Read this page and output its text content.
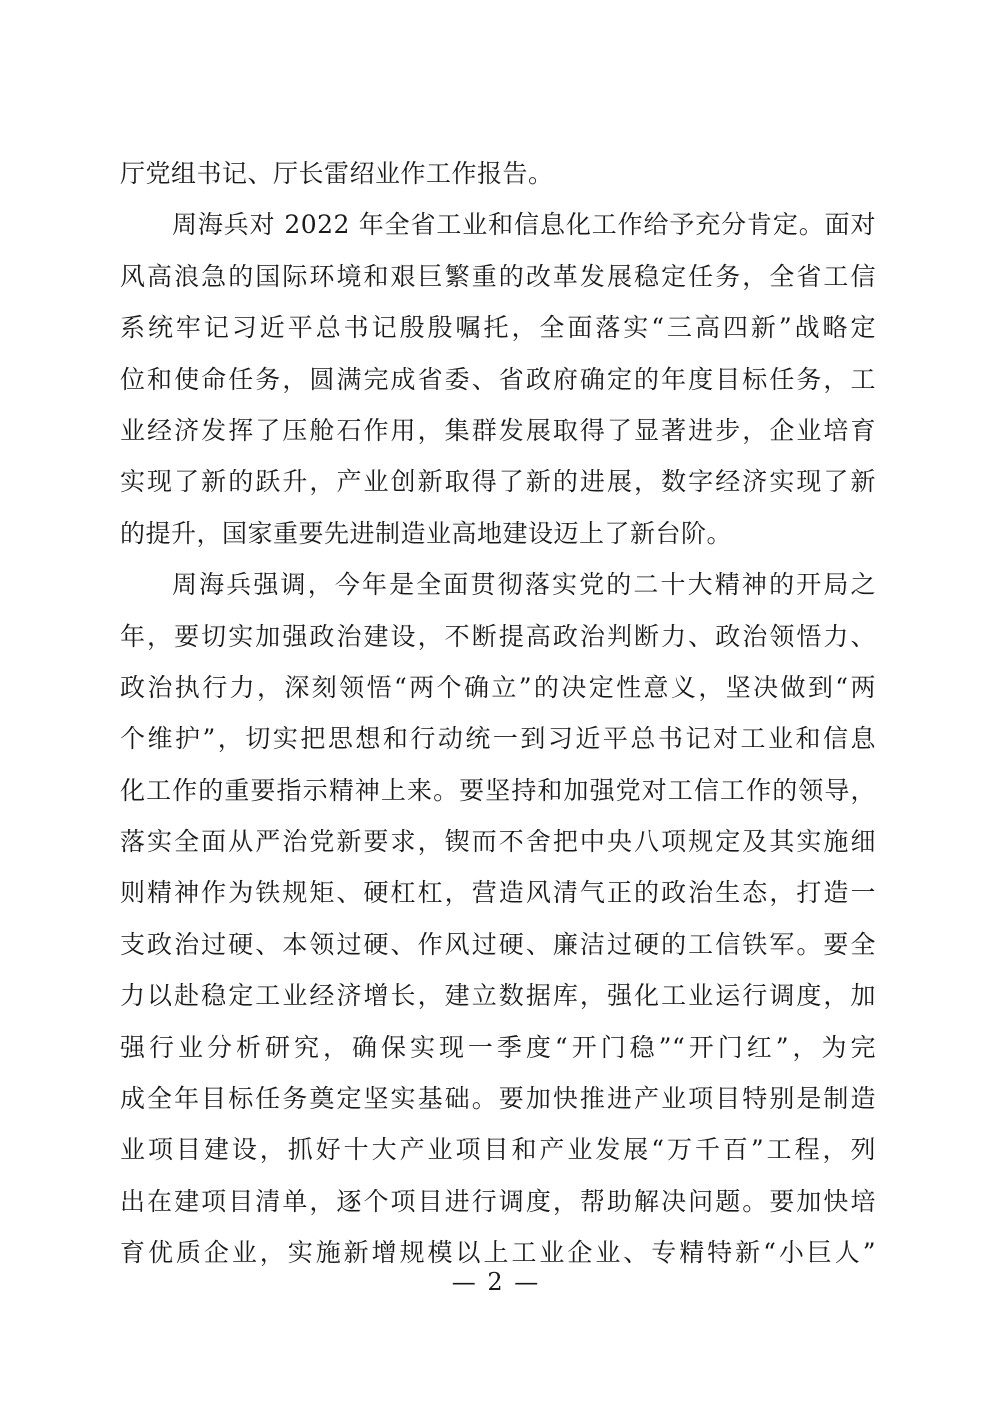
厅党组书记、厅长雷绍业作工作报告。
周海兵对 2022 年全省工业和信息化工作给予充分肯定。面对
风高浪急的国际环境和艰巨繁重的改革发展稳定任务，全省工信
系统牢记习近平总书记殷殷嘱托，全面落实“三高四新”战略定
位和使命任务，圆满完成省委、省政府确定的年度目标任务，工
业经济发挥了压舱石作用，集群发展取得了显著进步，企业培育
实现了新的跃升，产业创新取得了新的进展，数字经济实现了新
的提升，国家重要先进制造业高地建设迈上了新台阶。
周海兵强调，今年是全面贯彻落实党的二十大精神的开局之
年，要切实加强政治建设，不断提高政治判断力、政治领悟力、
政治执行力，深刻领悟“两个确立”的决定性意义，坚决做到“两
个维护”，切实把思想和行动统一到习近平总书记对工业和信息
化工作的重要指示精神上来。要坚持和加强党对工信工作的领导，
落实全面从严治党新要求，锲而不舍把中央八项规定及其实施细
则精神作为铁规矩、硬杠杠，营造风清气正的政治生态，打造一
支政治过硬、本领过硬、作风过硬、廉洁过硬的工信铁军。要全
力以赴稳定工业经济增长，建立数据库，强化工业运行调度，加
强行业分析研究，确保实现一季度“开门稳”“开门红”，为完
成全年目标任务奠定坚实基础。要加快推进产业项目特别是制造
业项目建设，抓好十大产业项目和产业发展“万千百”工程，列
出在建项目清单，逐个项目进行调度，帮助解决问题。要加快培
育优质企业，实施新增规模以上工业企业、专精特新“小巨人”
— 2 —
